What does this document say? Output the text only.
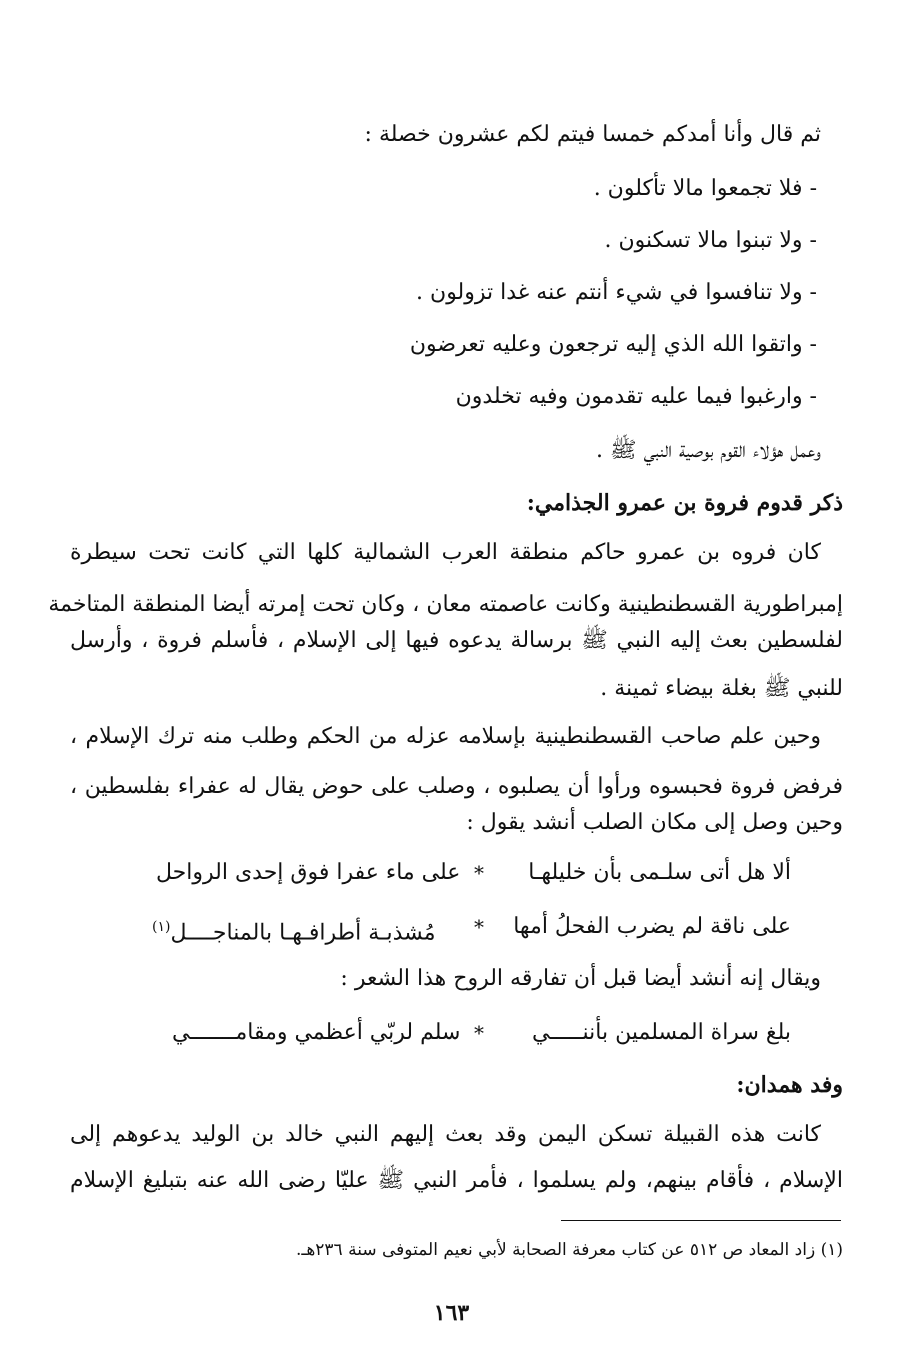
ثم قال وأنا أمدكم خمسا فيتم لكم عشرون خصلة :
- فلا تجمعوا مالا تأكلون .
- ولا تبنوا مالا تسكنون .
- ولا تنافسوا في شيء أنتم عنه غدا تزولون .
- واتقوا الله الذي إليه ترجعون وعليه تعرضون
- وارغبوا فيما عليه تقدمون وفيه تخلدون
وعمل هؤلاء القوم بوصية النبي ﷺ .
ذكر قدوم فروة بن عمرو الجذامي:
كان فروه بن عمرو حاكم منطقة العرب الشمالية كلها التي كانت تحت سيطرة
إمبراطورية القسطنطينية وكانت عاصمته معان ، وكان تحت إمرته أيضا المنطقة المتاخمة
لفلسطين بعث إليه النبي ﷺ برسالة يدعوه فيها إلى الإسلام ، فأسلم فروة ، وأرسل
للنبي ﷺ بغلة بيضاء ثمينة .
وحين علم صاحب القسطنطينية بإسلامه عزله من الحكم وطلب منه ترك الإسلام ،
فرفض فروة فحبسوه ورأوا أن يصلبوه ، وصلب على حوض يقال له عفراء بفلسطين ،
وحين وصل إلى مكان الصلب أنشد يقول :
ألا هل أتى سلـمى بأن خليلهـا
*
على ماء عفرا فوق إحدى الرواحل
على ناقة لم يضرب الفحلُ أمها
*
مُشذبـة أطرافـهـا بالمناجــــل$^{(١)}$
ويقال إنه أنشد أيضا قبل أن تفارقه الروح هذا الشعر :
بلغ سراة المسلمين بأننـــــي
*
سلم لربّي أعظمي ومقامـــــــي
وفد همدان:
كانت هذه القبيلة تسكن اليمن وقد بعث إليهم النبي خالد بن الوليد يدعوهم إلى
الإسلام ، فأقام بينهم، ولم يسلموا ، فأمر النبي ﷺ عليّا رضى الله عنه بتبليغ الإسلام
(١) زاد المعاد ص ٥١٢ عن كتاب معرفة الصحابة لأبي نعيم المتوفى سنة ٢٣٦هـ.
١٦٣
